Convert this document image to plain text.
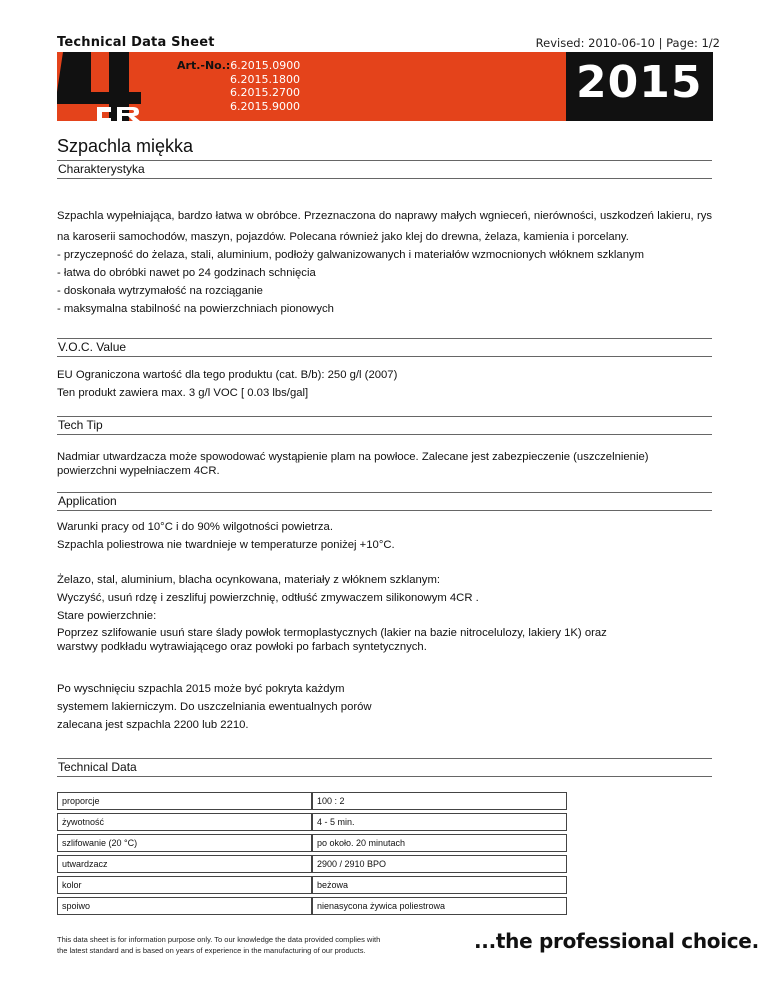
Technical Data Sheet	Revised: 2010-06-10 | Page: 1/2
Art.-No.:6.2015.0900
6.2015.1800
6.2015.2700
6.2015.9000	2015
Szpachla miękka
Charakterystyka
Szpachla wypełniająca, bardzo łatwa w obróbce. Przeznaczona do naprawy małych wgnieceń, nierówności, uszkodzeń lakieru, rys na karoserii samochodów, maszyn, pojazdów. Polecana również jako klej do drewna, żelaza, kamienia i porcelany.
- przyczepność do żelaza, stali, aluminium, podłoży galwanizowanych i materiałów wzmocnionych włóknem szklanym
- łatwa do obróbki nawet po 24 godzinach schnięcia
- doskonała wytrzymałość na rozciąganie
- maksymalna stabilność na powierzchniach pionowych
V.O.C. Value
EU Ograniczona wartość dla tego produktu (cat. B/b): 250 g/l (2007)
Ten produkt zawiera max. 3 g/l VOC [ 0.03 lbs/gal]
Tech Tip
Nadmiar utwardzacza może spowodować wystąpienie plam na powłoce. Zalecane jest zabezpieczenie (uszczelnienie)
powierzchni wypełniaczem 4CR.
Application
Warunki pracy od 10°C i do 90% wilgotności powietrza.
Szpachla poliestrowa nie twardnieje w temperaturze poniżej +10°C.
Żelazo, stal, aluminium, blacha ocynkowana, materiały z włóknem szklanym:
Wyczyść, usuń rdzę i zeszlifuj powierzchnię, odtłuść zmywaczem silikonowym 4CR .
Stare powierzchnie:
Poprzez szlifowanie usuń stare ślady powłok termoplastycznych (lakier na bazie nitrocelulozy, lakiery 1K) oraz
warstwy podkładu wytrawiającego oraz powłoki po farbach syntetycznych.
Po wyschnięciu szpachla 2015 może być pokryta każdym
systemem lakierniczym. Do uszczelniania ewentualnych porów
zalecana jest szpachla 2200 lub 2210.
Technical Data
proporcje	100 : 2
żywotność	4 - 5 min.
szlifowanie (20 °C)	po około. 20 minutach
utwardzacz	2900 / 2910 BPO
kolor	beżowa
spoiwo	nienasycona żywica poliestrowa
This data sheet is for information purpose only. To our knowledge the data provided complies with
the latest standard and is based on years of experience in the manufacturing of our products.	...the professional choice.
